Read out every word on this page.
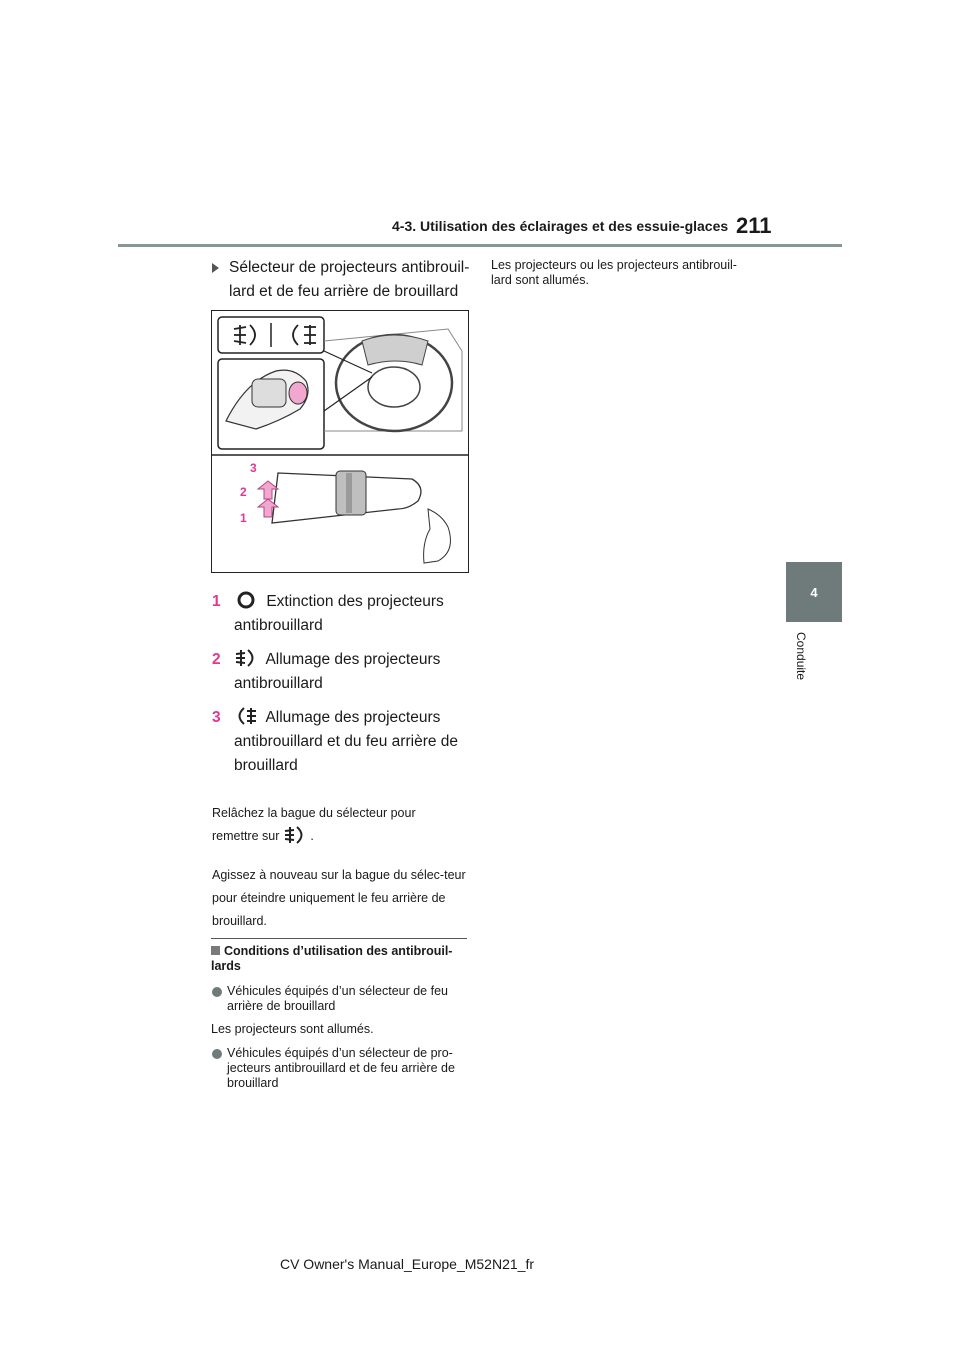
4-3. Utilisation des éclairages et des essuie-glaces 211
4
Conduite
Sélecteur de projecteurs antibrouil-lard et de feu arrière de brouillard
3
2
1
1	Extinction des projecteurs antibrouillard
2	Allumage des projecteurs antibrouillard
3	Allumage des projecteurs antibrouillard et du feu arrière de brouillard
Relâchez la bague du sélecteur pour
remettre sur .
Agissez à nouveau sur la bague du sélec-teur pour éteindre uniquement le feu arrière de brouillard.
Conditions d’utilisation des antibrouil-lards
Véhicules équipés d’un sélecteur de feu arrière de brouillard
Les projecteurs sont allumés.
Véhicules équipés d’un sélecteur de pro-jecteurs antibrouillard et de feu arrière de brouillard
Les projecteurs ou les projecteurs antibrouil-lard sont allumés.
CV Owner's Manual_Europe_M52N21_fr
